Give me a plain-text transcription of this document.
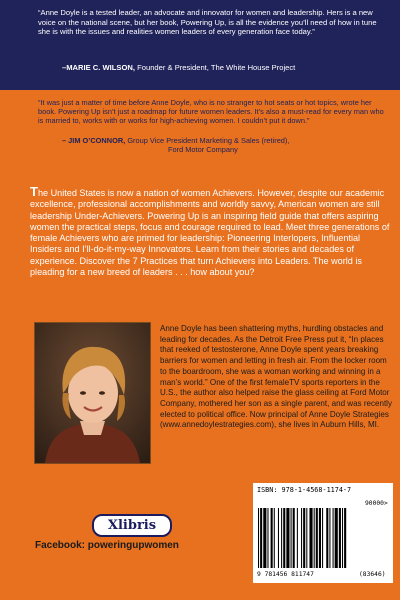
“Anne Doyle is a tested leader, an advocate and innovator for women and leadership. Hers is a new voice on the national scene, but her book, Powering Up, is all the evidence you’ll need of how in tune she is with the issues and realities women leaders of every generation face today.”
–MARIE C. WILSON, Founder & President, The White House Project
“It was just a matter of time before Anne Doyle, who is no stranger to hot seats or hot topics, wrote her book. Powering Up isn’t just a roadmap for future women leaders. It’s also a must-read for every man who is married to, works with or works for high-achieving women. I couldn’t put it down.”
– JIM O’CONNOR, Group Vice President Marketing & Sales (retired),
Ford Motor Company
The United States is now a nation of women Achievers. However, despite our academic excellence, professional accomplishments and worldly savvy, American women are still leadership Under-Achievers. Powering Up is an inspiring field guide that offers aspiring women the practical steps, focus and courage required to lead. Meet three generations of female Achievers who are primed for leadership: Pioneering Interlopers, Influential Insiders and I’ll-do-it-my-way Innovators. Learn from their stories and decades of experience. Discover the 7 Practices that turn Achievers into Leaders. The world is pleading for a new breed of leaders . . . how about you?
Anne Doyle has been shattering myths, hurdling obstacles and leading for decades. As the Detroit Free Press put it, “In places that reeked of testosterone, Anne Doyle spent years breaking barriers for women and letting in fresh air. From the locker room to the boardroom, she was a woman working and winning in a man’s world.” One of the first femaleTV sports reporters in the U.S., the author also helped raise the glass ceiling at Ford Motor Company, mothered her son as a single parent, and was recently elected to political office. Now principal of Anne Doyle Strategies (www.annedoylestrategies.com), she lives in Auburn Hills, MI.
ISBN: 978-1-4568-1174-7
9 781456 811747	(83646)
90000>
Xlibris
Facebook: poweringupwomen
